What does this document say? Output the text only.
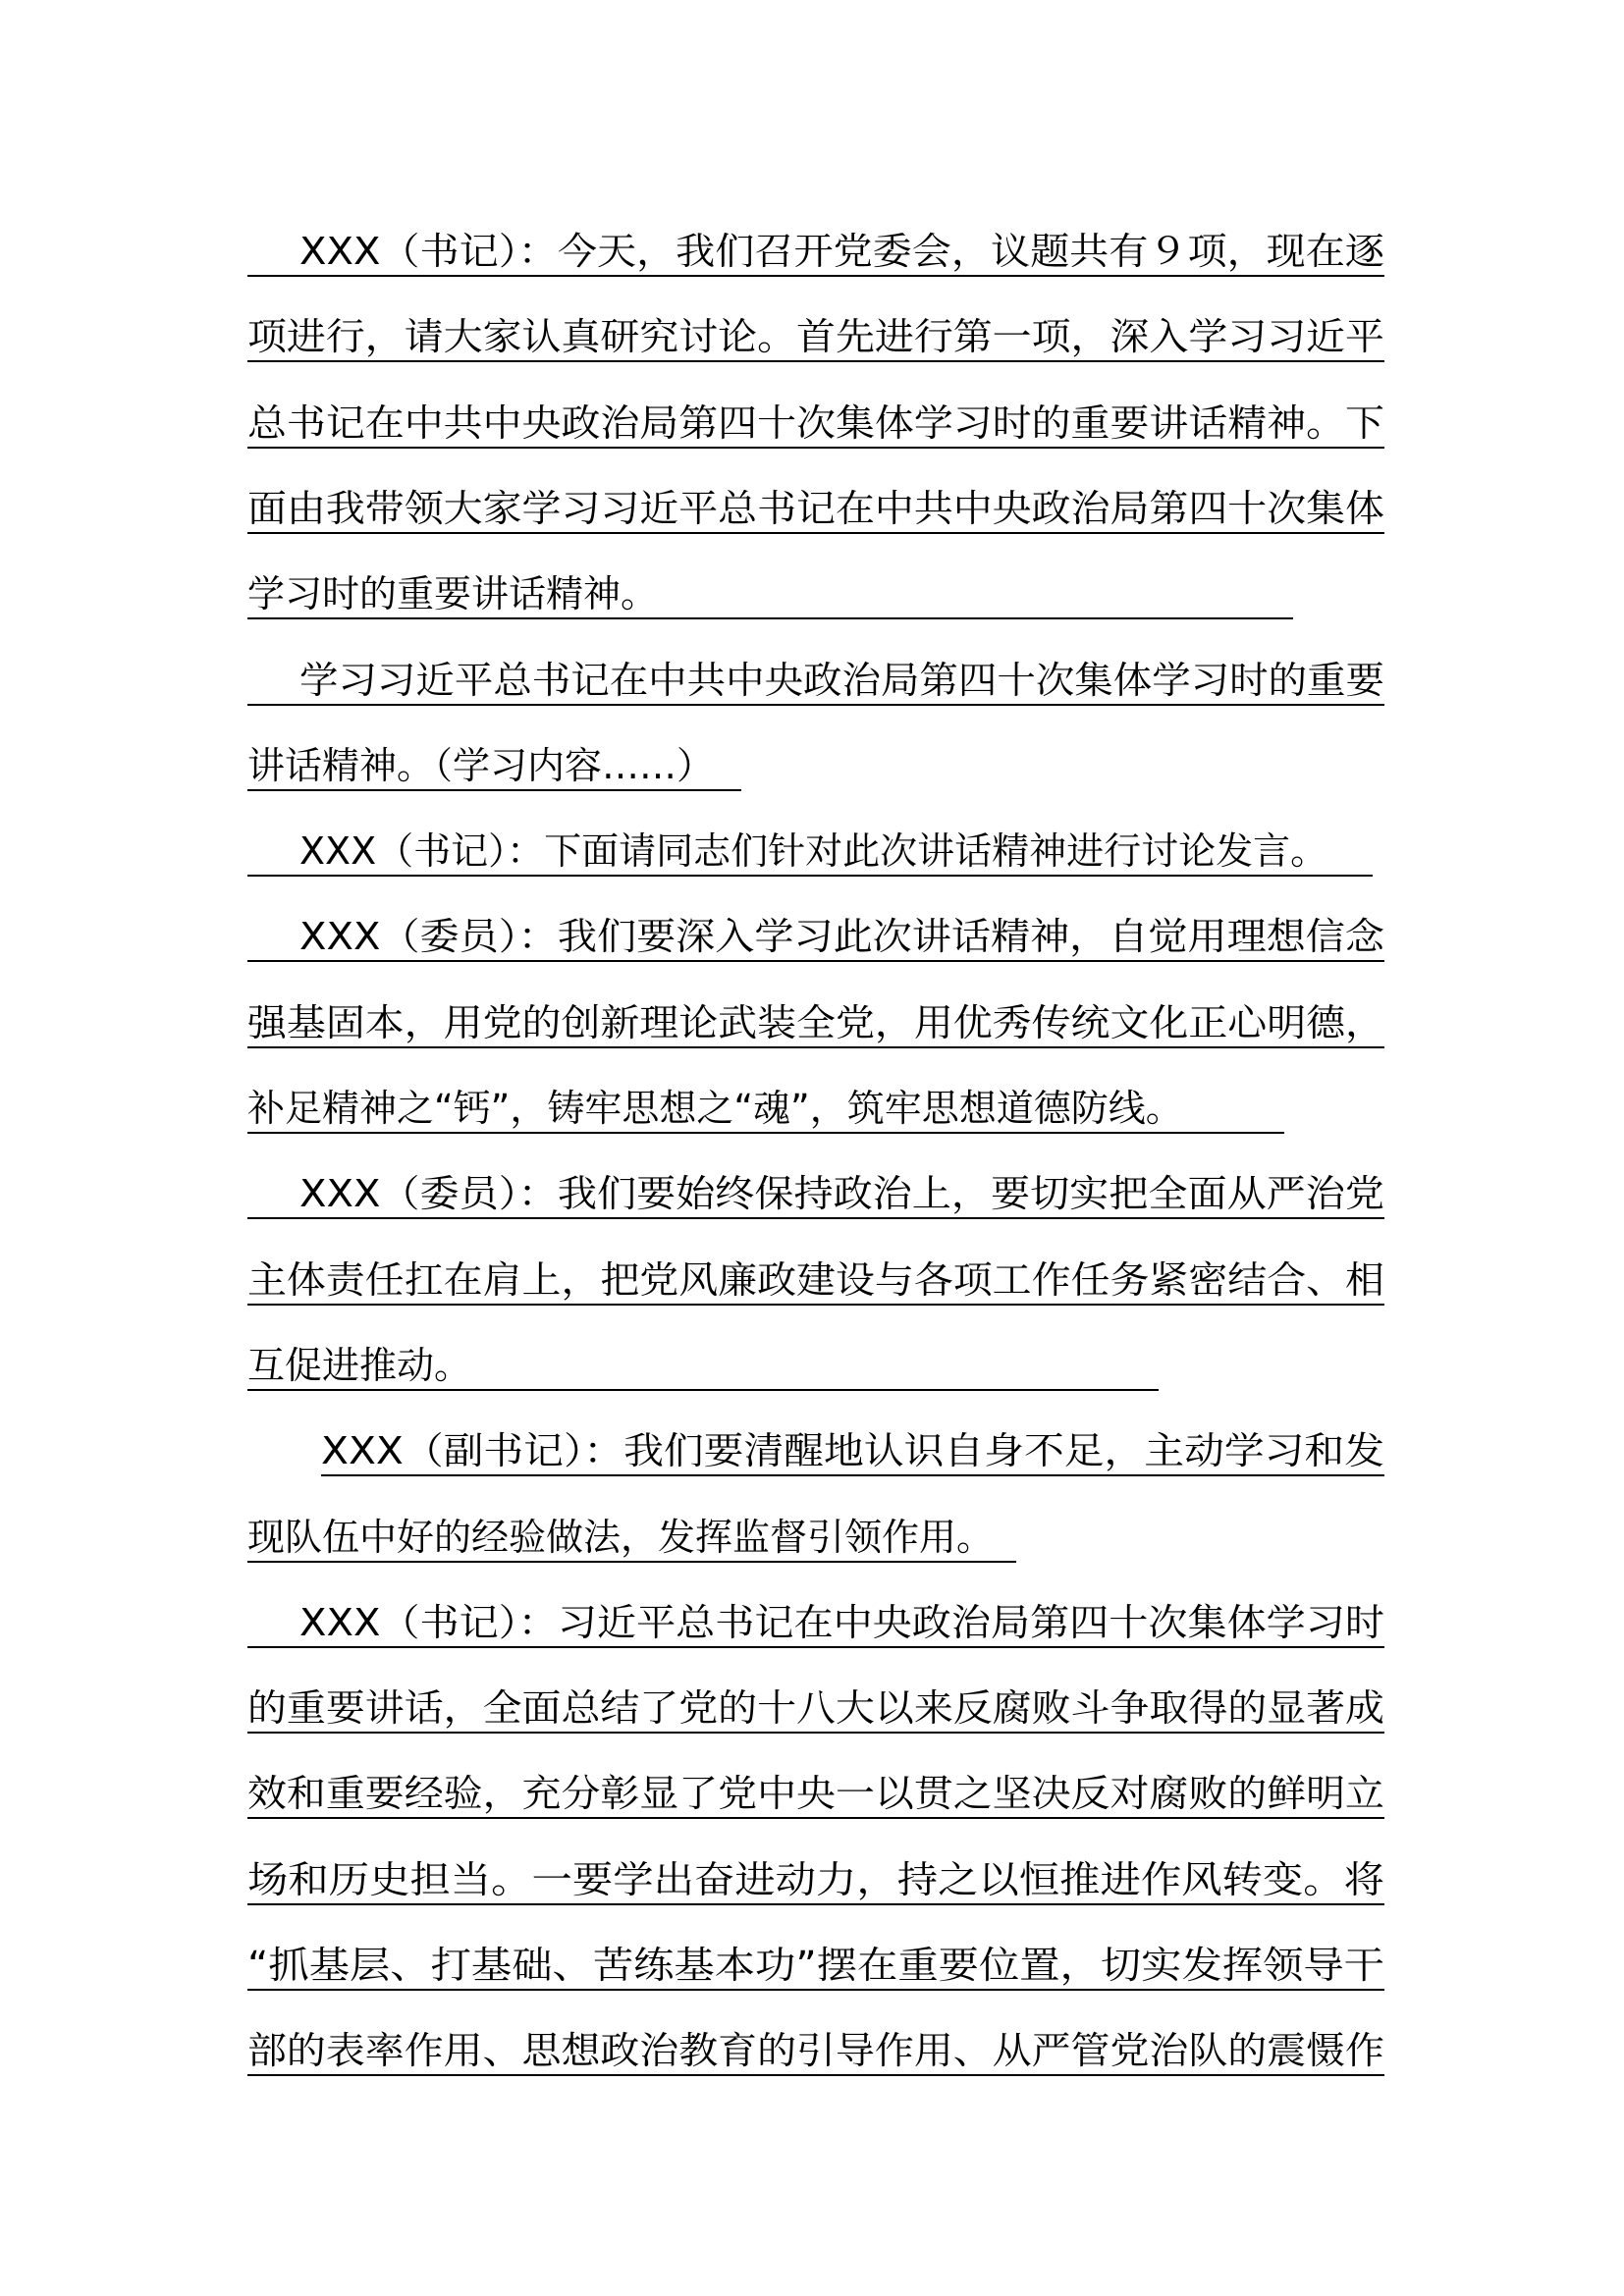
XXX（书记）：今天，我们召开党委会，议题共有９项，现在逐
项进行，请大家认真研究讨论。首先进行第一项，深入学习习近平
总书记在中共中央政治局第四十次集体学习时的重要讲话精神。下
面由我带领大家学习习近平总书记在中共中央政治局第四十次集体
学习时的重要讲话精神。
学习习近平总书记在中共中央政治局第四十次集体学习时的重要
讲话精神。（学习内容……）
XXX（书记）：下面请同志们针对此次讲话精神进行讨论发言。
XXX（委员）：我们要深入学习此次讲话精神，自觉用理想信念
强基固本，用党的创新理论武装全党，用优秀传统文化正心明德，
补足精神之“钙”，铸牢思想之“魂”，筑牢思想道德防线。
XXX（委员）：我们要始终保持政治上，要切实把全面从严治党
主体责任扛在肩上，把党风廉政建设与各项工作任务紧密结合、相
互促进推动。
XXX（副书记）：我们要清醒地认识自身不足，主动学习和发
现队伍中好的经验做法，发挥监督引领作用。
XXX（书记）：习近平总书记在中央政治局第四十次集体学习时
的重要讲话，全面总结了党的十八大以来反腐败斗争取得的显著成
效和重要经验，充分彰显了党中央一以贯之坚决反对腐败的鲜明立
场和历史担当。一要学出奋进动力，持之以恒推进作风转变。将
“抓基层、打基础、苦练基本功”摆在重要位置，切实发挥领导干
部的表率作用、思想政治教育的引导作用、从严管党治队的震慑作
